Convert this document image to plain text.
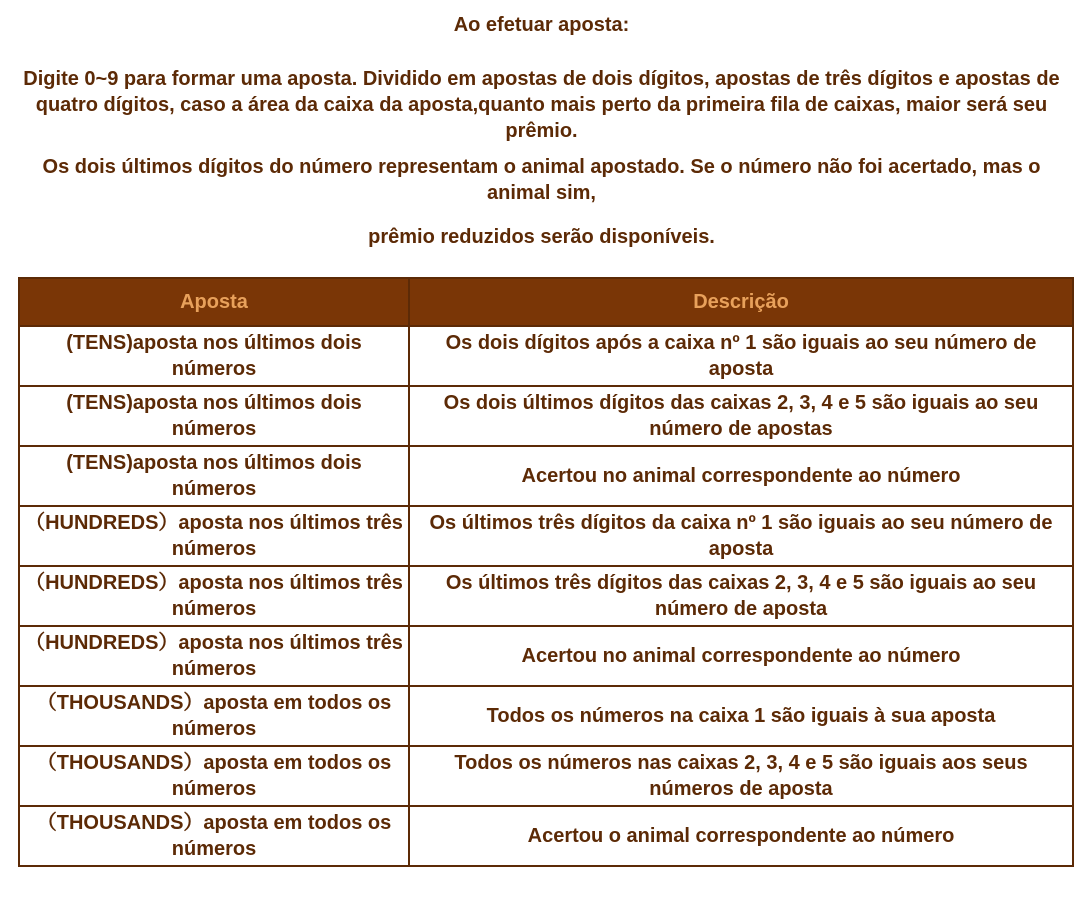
Ao efetuar aposta:
Digite 0~9 para formar uma aposta. Dividido em apostas de dois dígitos, apostas de três dígitos e apostas de quatro dígitos, caso a área da caixa da aposta,quanto mais perto da primeira fila de caixas, maior será seu prêmio.
Os dois últimos dígitos do número representam o animal apostado. Se o número não foi acertado, mas o animal sim,
prêmio reduzidos serão disponíveis.
Aposta	Descrição
(TENS)aposta nos últimos dois números	Os dois dígitos após a caixa nº 1 são iguais ao seu número de aposta
(TENS)aposta nos últimos dois números	Os dois últimos dígitos das caixas 2, 3, 4 e 5 são iguais ao seu número de apostas
(TENS)aposta nos últimos dois números	Acertou no animal correspondente ao número
（HUNDREDS）aposta nos últimos três números	Os últimos três dígitos da caixa nº 1 são iguais ao seu número de aposta
（HUNDREDS）aposta nos últimos três números	Os últimos três dígitos das caixas 2, 3, 4 e 5 são iguais ao seu número de aposta
（HUNDREDS）aposta nos últimos três números	Acertou no animal correspondente ao número
（THOUSANDS）aposta em todos os números	Todos os números na caixa 1 são iguais à sua aposta
（THOUSANDS）aposta em todos os números	Todos os números nas caixas 2, 3, 4 e 5 são iguais aos seus números de aposta
（THOUSANDS）aposta em todos os números	Acertou o animal correspondente ao número
